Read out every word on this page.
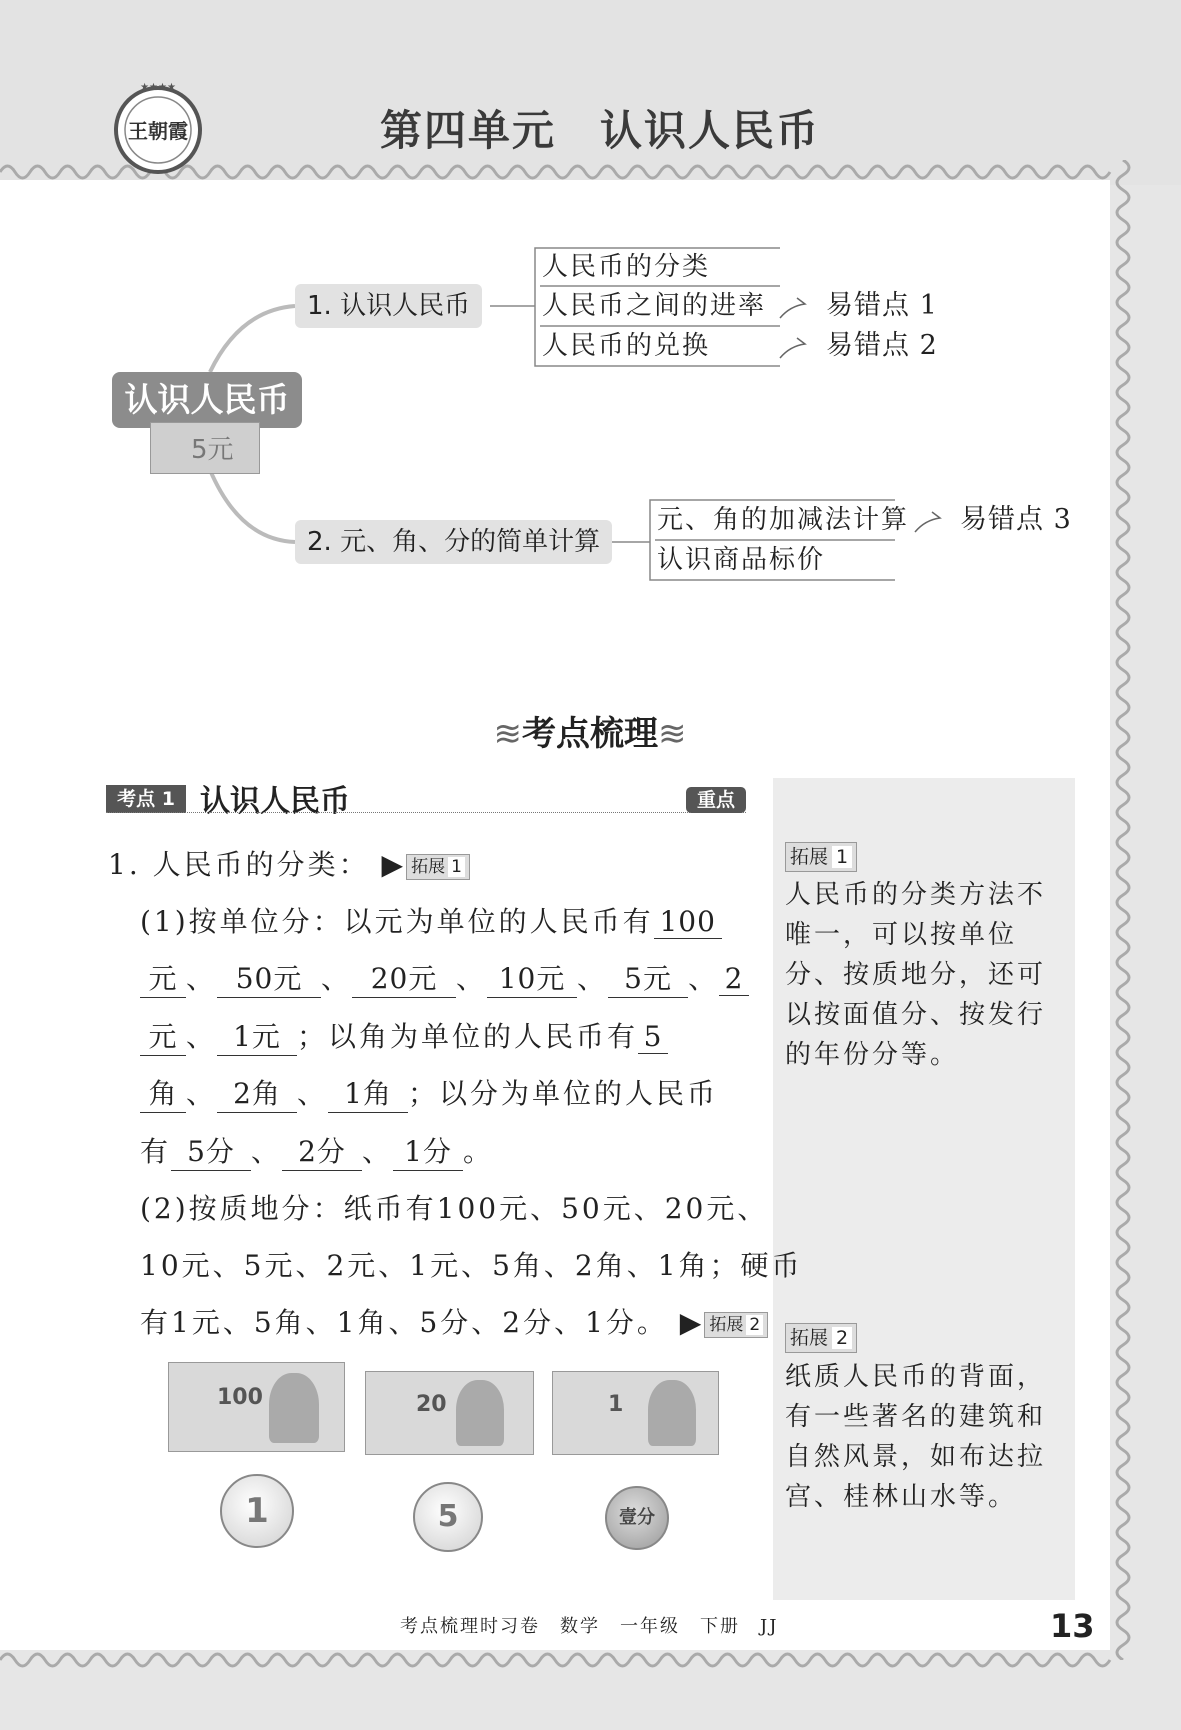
★★★★
王朝霞	第四单元　认识人民币
认识人民币
5元
1. 认识人民币
2. 元、角、分的简单计算
人民币的分类
人民币之间的进率
人民币的兑换
元、角的加减法计算
认识商品标价
易错点 1
易错点 2
易错点 3
≋考点梳理≋
考点 1 认识人民币	重点
1. 人民币的分类： ▶ 拓展 1
(1)按单位分：以元为单位的人民币有 100
元 、 50元 、 20元 、 10元 、 5元 、 2
元 、 1元 ；以角为单位的人民币有 5
角 、 2角 、 1角 ；以分为单位的人民币
有 5分 、 2分 、 1分 。
(2)按质地分：纸币有100元、50元、20元、
10元、5元、2元、1元、5角、2角、1角；硬币
有1元、5角、1角、5分、2分、1分。 ▶ 拓展 2
100	20	1
1	5	壹分
拓展 1
人民币的分类方法不唯一，可以按单位分、按质地分，还可以按面值分、按发行的年份分等。
拓展 2
纸质人民币的背面，有一些著名的建筑和自然风景，如布达拉宫、桂林山水等。
考点梳理时习卷　数学　一年级　下册　JJ	13
